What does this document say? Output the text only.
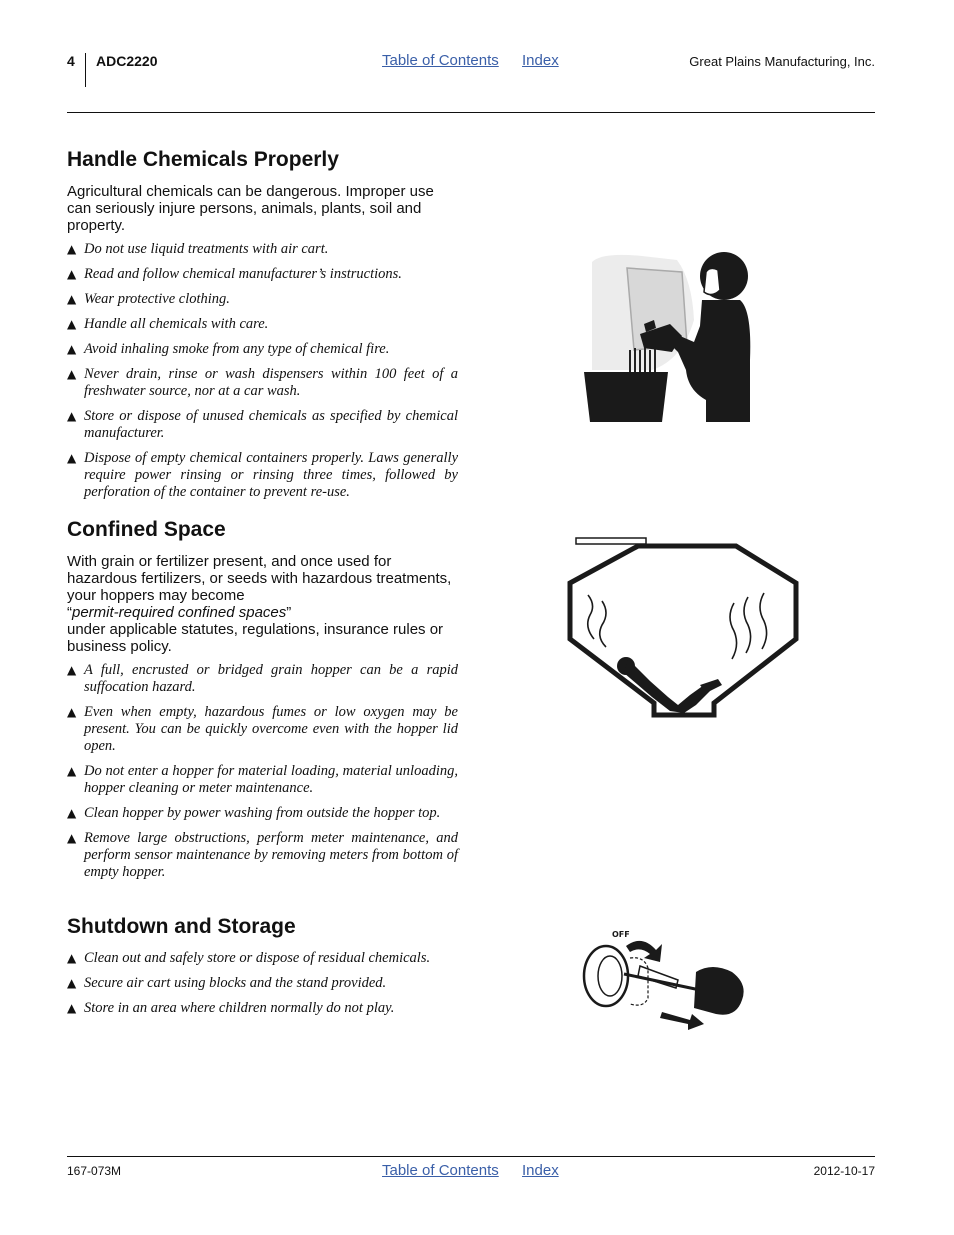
4 ADC2220	Table of Contents Index	Great Plains Manufacturing, Inc.
Handle Chemicals Properly

Agricultural chemicals can be dangerous. Improper use can seriously injure persons, animals, plants, soil and property.

▲ Do not use liquid treatments with air cart.
▲ Read and follow chemical manufacturer’s instructions.
▲ Wear protective clothing.
▲ Handle all chemicals with care.
▲ Avoid inhaling smoke from any type of chemical fire.
▲ Never drain, rinse or wash dispensers within 100 feet of a freshwater source, nor at a car wash.
▲ Store or dispose of unused chemicals as specified by chemical manufacturer.
▲ Dispose of empty chemical containers properly. Laws generally require power rinsing or rinsing three times, followed by perforation of the container to prevent re-use.
Confined Space

With grain or fertilizer present, and once used for hazardous fertilizers, or seeds with hazardous treatments, your hoppers may become
“permit-required confined spaces”
under applicable statutes, regulations, insurance rules or business policy.

▲ A full, encrusted or bridged grain hopper can be a rapid suffocation hazard.
▲ Even when empty, hazardous fumes or low oxygen may be present. You can be quickly overcome even with the hopper lid open.
▲ Do not enter a hopper for material loading, material unloading, hopper cleaning or meter maintenance.
▲ Clean hopper by power washing from outside the hopper top.
▲ Remove large obstructions, perform meter maintenance, and perform sensor maintenance by removing meters from bottom of empty hopper.
Shutdown and Storage
▲ Clean out and safely store or dispose of residual chemicals.
▲ Secure air cart using blocks and the stand provided.
▲ Store in an area where children normally do not play.
OFF
167-073M	Table of Contents Index	2012-10-17
